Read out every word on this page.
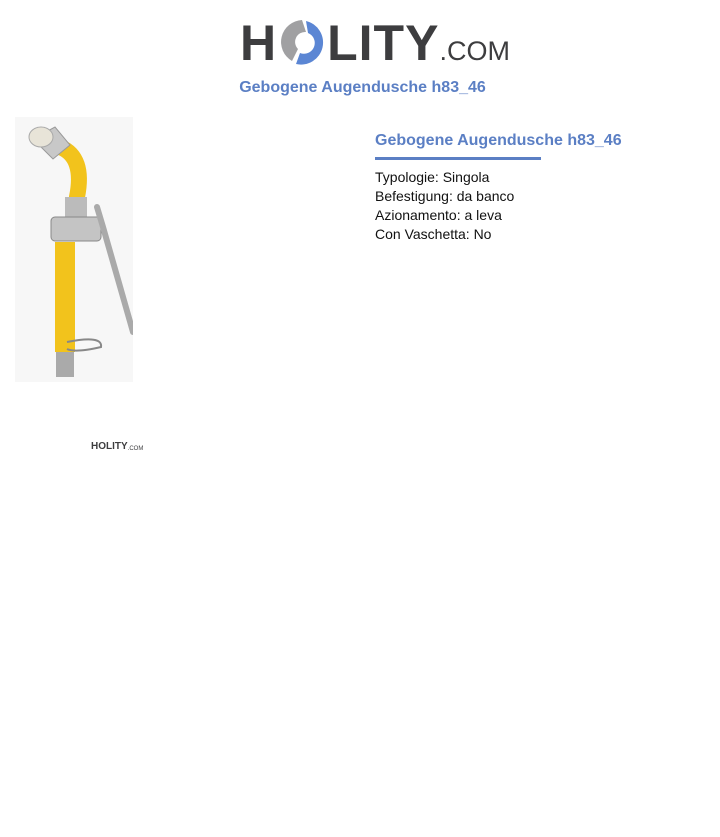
H LITY .COM
Gebogene Augendusche h83_46
HOLITY .COM
Gebogene Augendusche h83_46
Typologie: Singola
Befestigung: da banco
Azionamento: a leva
Con Vaschetta: No
